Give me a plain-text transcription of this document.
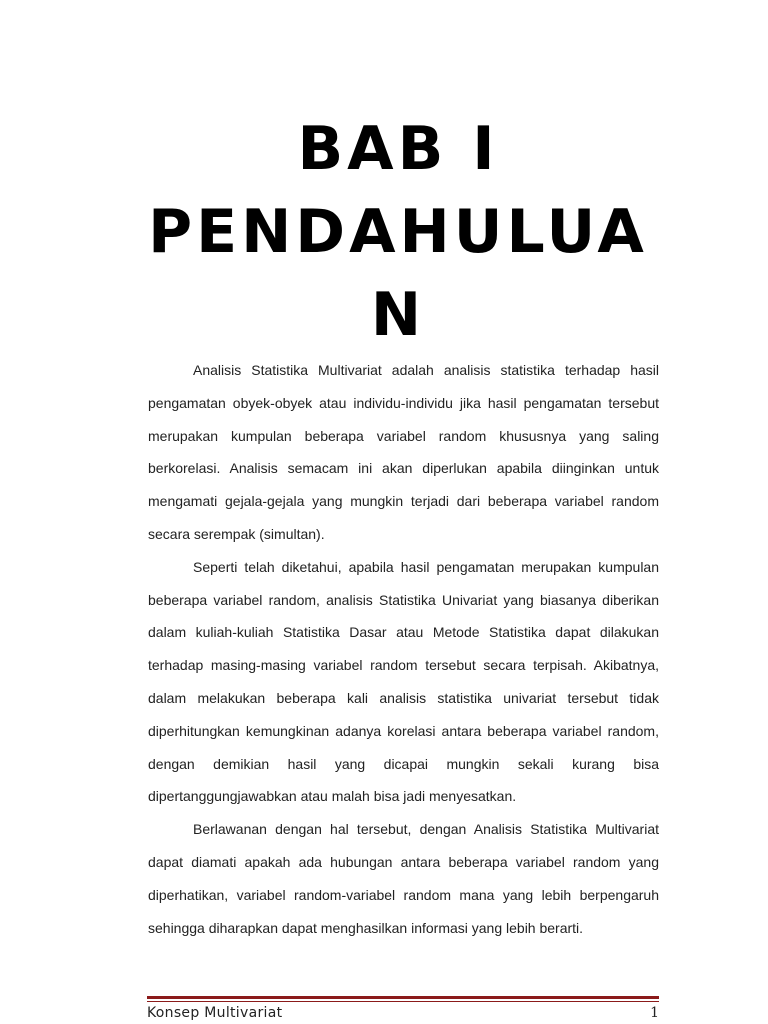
BAB I
PENDAHULUA
N

Analisis Statistika Multivariat adalah analisis statistika terhadap hasil pengamatan obyek-obyek atau individu-individu jika hasil pengamatan tersebut merupakan kumpulan beberapa variabel random khususnya yang saling berkorelasi. Analisis semacam ini akan diperlukan apabila diinginkan untuk mengamati gejala-gejala yang mungkin terjadi dari beberapa variabel random secara serempak (simultan).

Seperti telah diketahui, apabila hasil pengamatan merupakan kumpulan beberapa variabel random, analisis Statistika Univariat yang biasanya diberikan dalam kuliah-kuliah Statistika Dasar atau Metode Statistika dapat dilakukan terhadap masing-masing variabel random tersebut secara terpisah. Akibatnya, dalam melakukan beberapa kali analisis statistika univariat tersebut tidak diperhitungkan kemungkinan adanya korelasi antara beberapa variabel random, dengan demikian hasil yang dicapai mungkin sekali kurang bisa dipertanggungjawabkan atau malah bisa jadi menyesatkan.

Berlawanan dengan hal tersebut, dengan Analisis Statistika Multivariat dapat diamati apakah ada hubungan antara beberapa variabel random yang diperhatikan, variabel random-variabel random mana yang lebih berpengaruh sehingga diharapkan dapat menghasilkan informasi yang lebih berarti.

Konsep Multivariat	1
